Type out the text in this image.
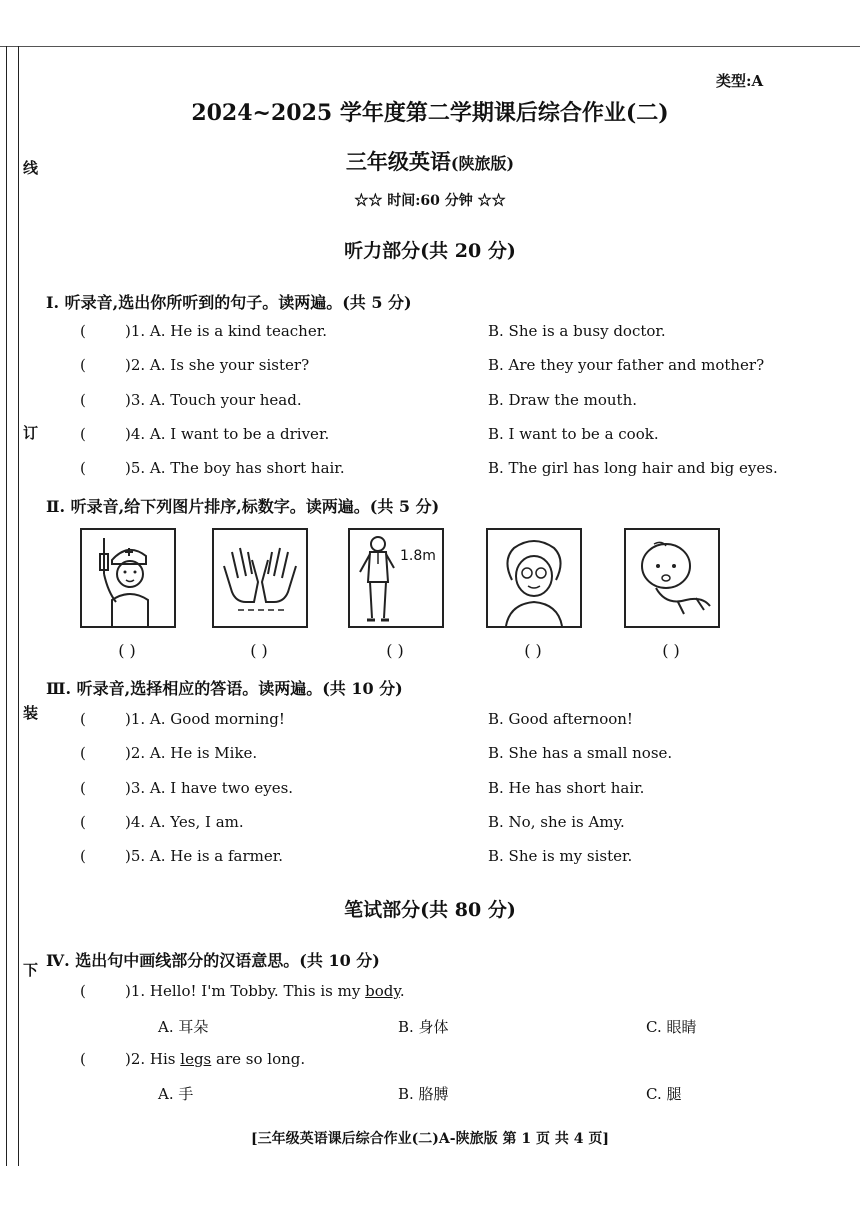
线
订
装
下
类型:A
2024~2025 学年度第二学期课后综合作业(二)
三年级英语(陕旅版)
☆☆ 时间:60 分钟 ☆☆
听力部分(共 20 分)
Ⅰ. 听录音,选出你所听到的句子。读两遍。(共 5 分)
(	)1. A. He is a kind teacher.	B. She is a busy doctor.
(	)2. A. Is she your sister?	B. Are they your father and mother?
(	)3. A. Touch your head.	B. Draw the mouth.
(	)4. A. I want to be a driver.	B. I want to be a cook.
(	)5. A. The boy has short hair.	B. The girl has long hair and big eyes.
Ⅱ. 听录音,给下列图片排序,标数字。读两遍。(共 5 分)
1.8m
( )	( )	( )	( )	( )
Ⅲ. 听录音,选择相应的答语。读两遍。(共 10 分)
(	)1. A. Good morning!	B. Good afternoon!
(	)2. A. He is Mike.	B. She has a small nose.
(	)3. A. I have two eyes.	B. He has short hair.
(	)4. A. Yes, I am.	B. No, she is Amy.
(	)5. A. He is a farmer.	B. She is my sister.
笔试部分(共 80 分)
Ⅳ. 选出句中画线部分的汉语意思。(共 10 分)
(	)1. Hello! I'm Tobby. This is my body.
A. 耳朵	B. 身体	C. 眼睛
(	)2. His legs are so long.
A. 手	B. 胳膊	C. 腿
[三年级英语课后综合作业(二)A-陕旅版 第 1 页 共 4 页]
